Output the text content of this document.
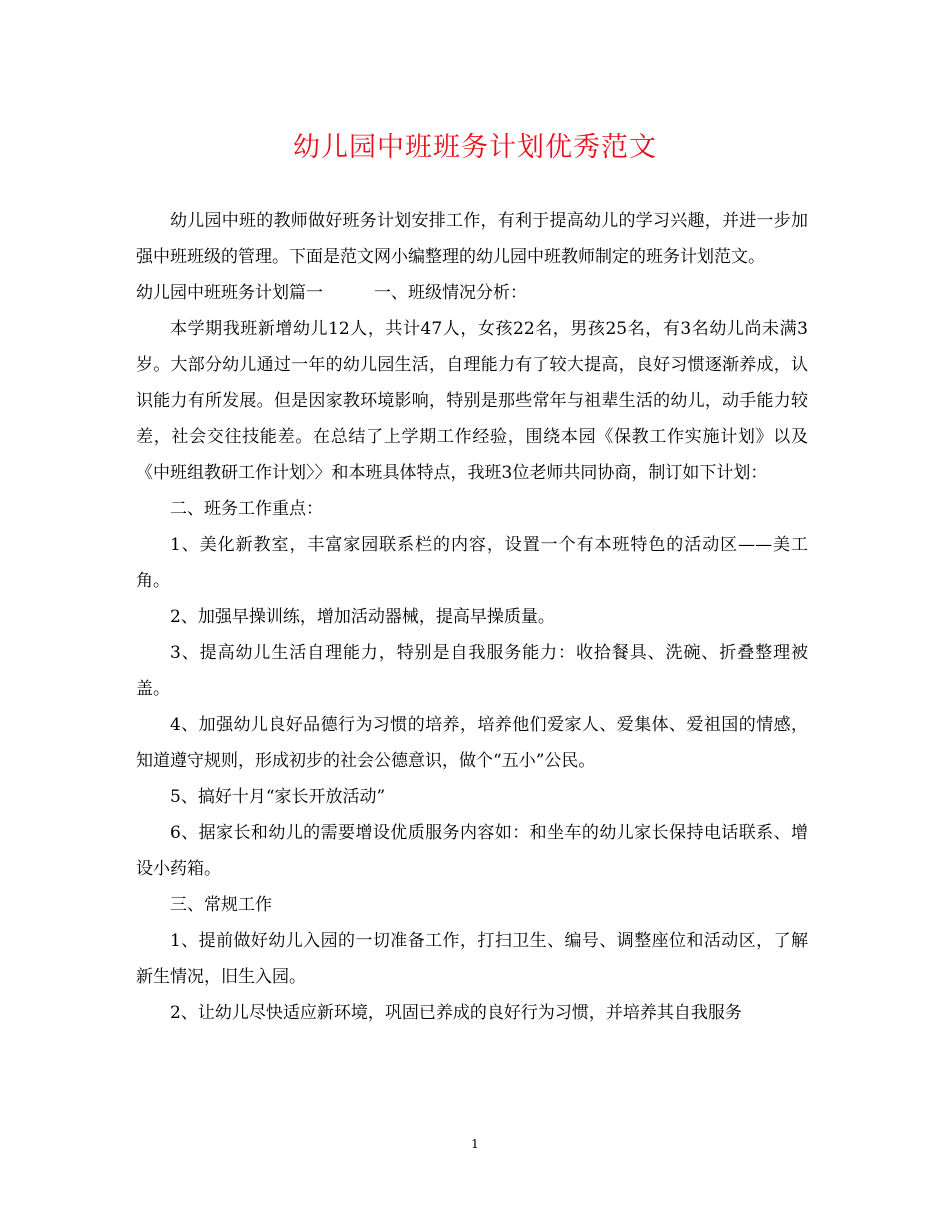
幼儿园中班班务计划优秀范文

幼儿园中班的教师做好班务计划安排工作，有利于提高幼儿的学习兴趣，并进一步加强中班班级的管理。下面是范文网小编整理的幼儿园中班教师制定的班务计划范文。

幼儿园中班班务计划篇一　　　一、班级情况分析：

本学期我班新增幼儿12人，共计47人，女孩22名，男孩25名，有3名幼儿尚未满3岁。大部分幼儿通过一年的幼儿园生活，自理能力有了较大提高，良好习惯逐渐养成，认识能力有所发展。但是因家教环境影响，特别是那些常年与祖辈生活的幼儿，动手能力较差，社会交往技能差。在总结了上学期工作经验，围绕本园《保教工作实施计划》以及《中班组教研工作计划〉〉和本班具体特点，我班3位老师共同协商，制订如下计划：

二、班务工作重点：

1、美化新教室，丰富家园联系栏的内容，设置一个有本班特色的活动区——美工角。

2、加强早操训练，增加活动器械，提高早操质量。

3、提高幼儿生活自理能力，特别是自我服务能力：收拾餐具、洗碗、折叠整理被盖。

4、加强幼儿良好品德行为习惯的培养，培养他们爱家人、爱集体、爱祖国的情感，知道遵守规则，形成初步的社会公德意识，做个“五小”公民。

5、搞好十月“家长开放活动”

6、据家长和幼儿的需要增设优质服务内容如：和坐车的幼儿家长保持电话联系、增设小药箱。

三、常规工作

1、提前做好幼儿入园的一切准备工作，打扫卫生、编号、调整座位和活动区，了解新生情况，旧生入园。

2、让幼儿尽快适应新环境，巩固已养成的良好行为习惯，并培养其自我服务

1
